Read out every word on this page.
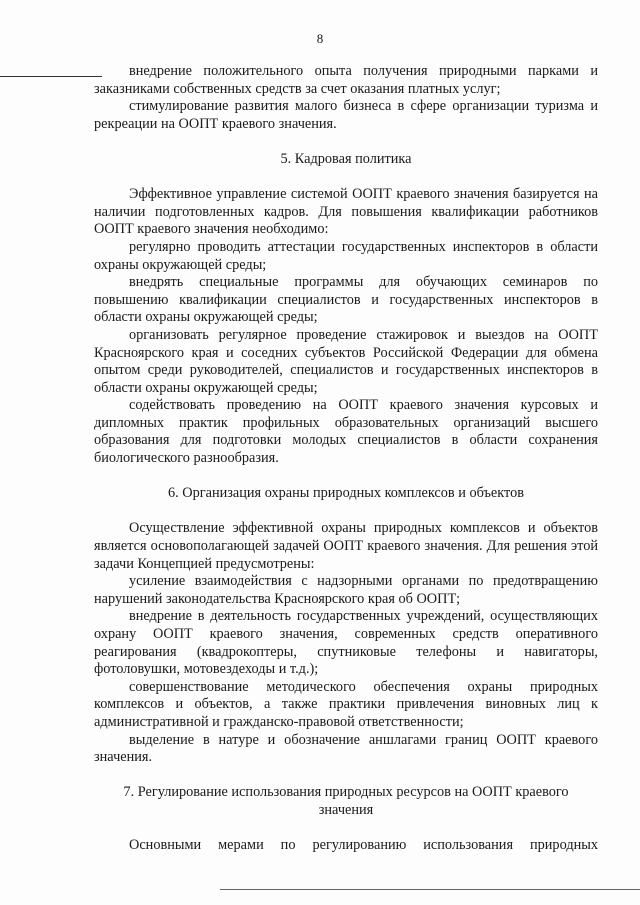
8

внедрение положительного опыта получения природными парками и заказниками собственных средств за счет оказания платных услуг;

стимулирование развития малого бизнеса в сфере организации туризма и рекреации на ООПТ краевого значения.

5. Кадровая политика

Эффективное управление системой ООПТ краевого значения базируется на наличии подготовленных кадров. Для повышения квалификации работников ООПТ краевого значения необходимо:

регулярно проводить аттестации государственных инспекторов в области охраны окружающей среды;

внедрять специальные программы для обучающих семинаров по повышению квалификации специалистов и государственных инспекторов в области охраны окружающей среды;

организовать регулярное проведение стажировок и выездов на ООПТ Красноярского края и соседних субъектов Российской Федерации для обмена опытом среди руководителей, специалистов и государственных инспекторов в области охраны окружающей среды;

содействовать проведению на ООПТ краевого значения курсовых и дипломных практик профильных образовательных организаций высшего образования для подготовки молодых специалистов в области сохранения биологического разнообразия.

6. Организация охраны природных комплексов и объектов

Осуществление эффективной охраны природных комплексов и объектов является основополагающей задачей ООПТ краевого значения. Для решения этой задачи Концепцией предусмотрены:

усиление взаимодействия с надзорными органами по предотвращению нарушений законодательства Красноярского края об ООПТ;

внедрение в деятельность государственных учреждений, осуществляющих охрану ООПТ краевого значения, современных средств оперативного реагирования (квадрокоптеры, спутниковые телефоны и навигаторы, фотоловушки, мотовездеходы и т.д.);

совершенствование методического обеспечения охраны природных комплексов и объектов, а также практики привлечения виновных лиц к административной и гражданско-правовой ответственности;

выделение в натуре и обозначение аншлагами границ ООПТ краевого значения.

7. Регулирование использования природных ресурсов на ООПТ краевого
значения

Основными мерами по регулированию использования природных
